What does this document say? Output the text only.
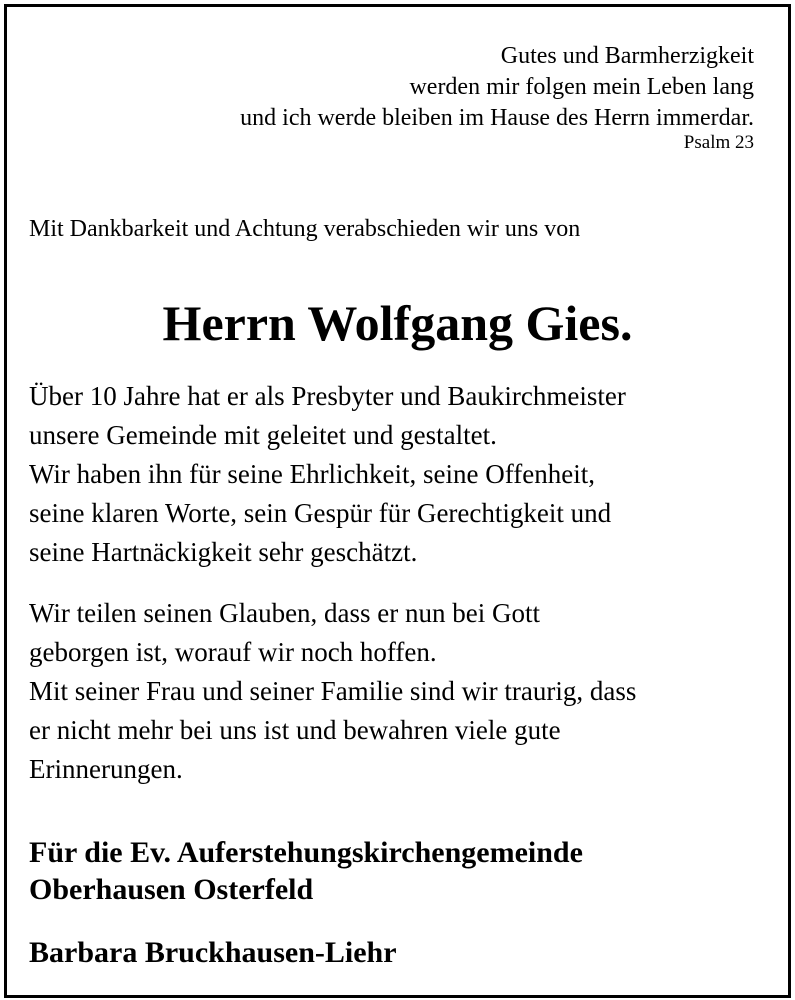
Gutes und Barmherzigkeit
werden mir folgen mein Leben lang
und ich werde bleiben im Hause des Herrn immerdar.
Psalm 23
Mit Dankbarkeit und Achtung verabschieden wir uns von
Herrn Wolfgang Gies.

Über 10 Jahre hat er als Presbyter und Baukirchmeister

unsere Gemeinde mit geleitet und gestaltet.

Wir haben ihn für seine Ehrlichkeit, seine Offenheit,

seine klaren Worte, sein Gespür für Gerechtigkeit und

seine Hartnäckigkeit sehr geschätzt.

Wir teilen seinen Glauben, dass er nun bei Gott

geborgen ist, worauf wir noch hoffen.

Mit seiner Frau und seiner Familie sind wir traurig, dass

er nicht mehr bei uns ist und bewahren viele gute

Erinnerungen.

Für die Ev. Auferstehungskirchengemeinde

Oberhausen Osterfeld

Barbara Bruckhausen-Liehr
